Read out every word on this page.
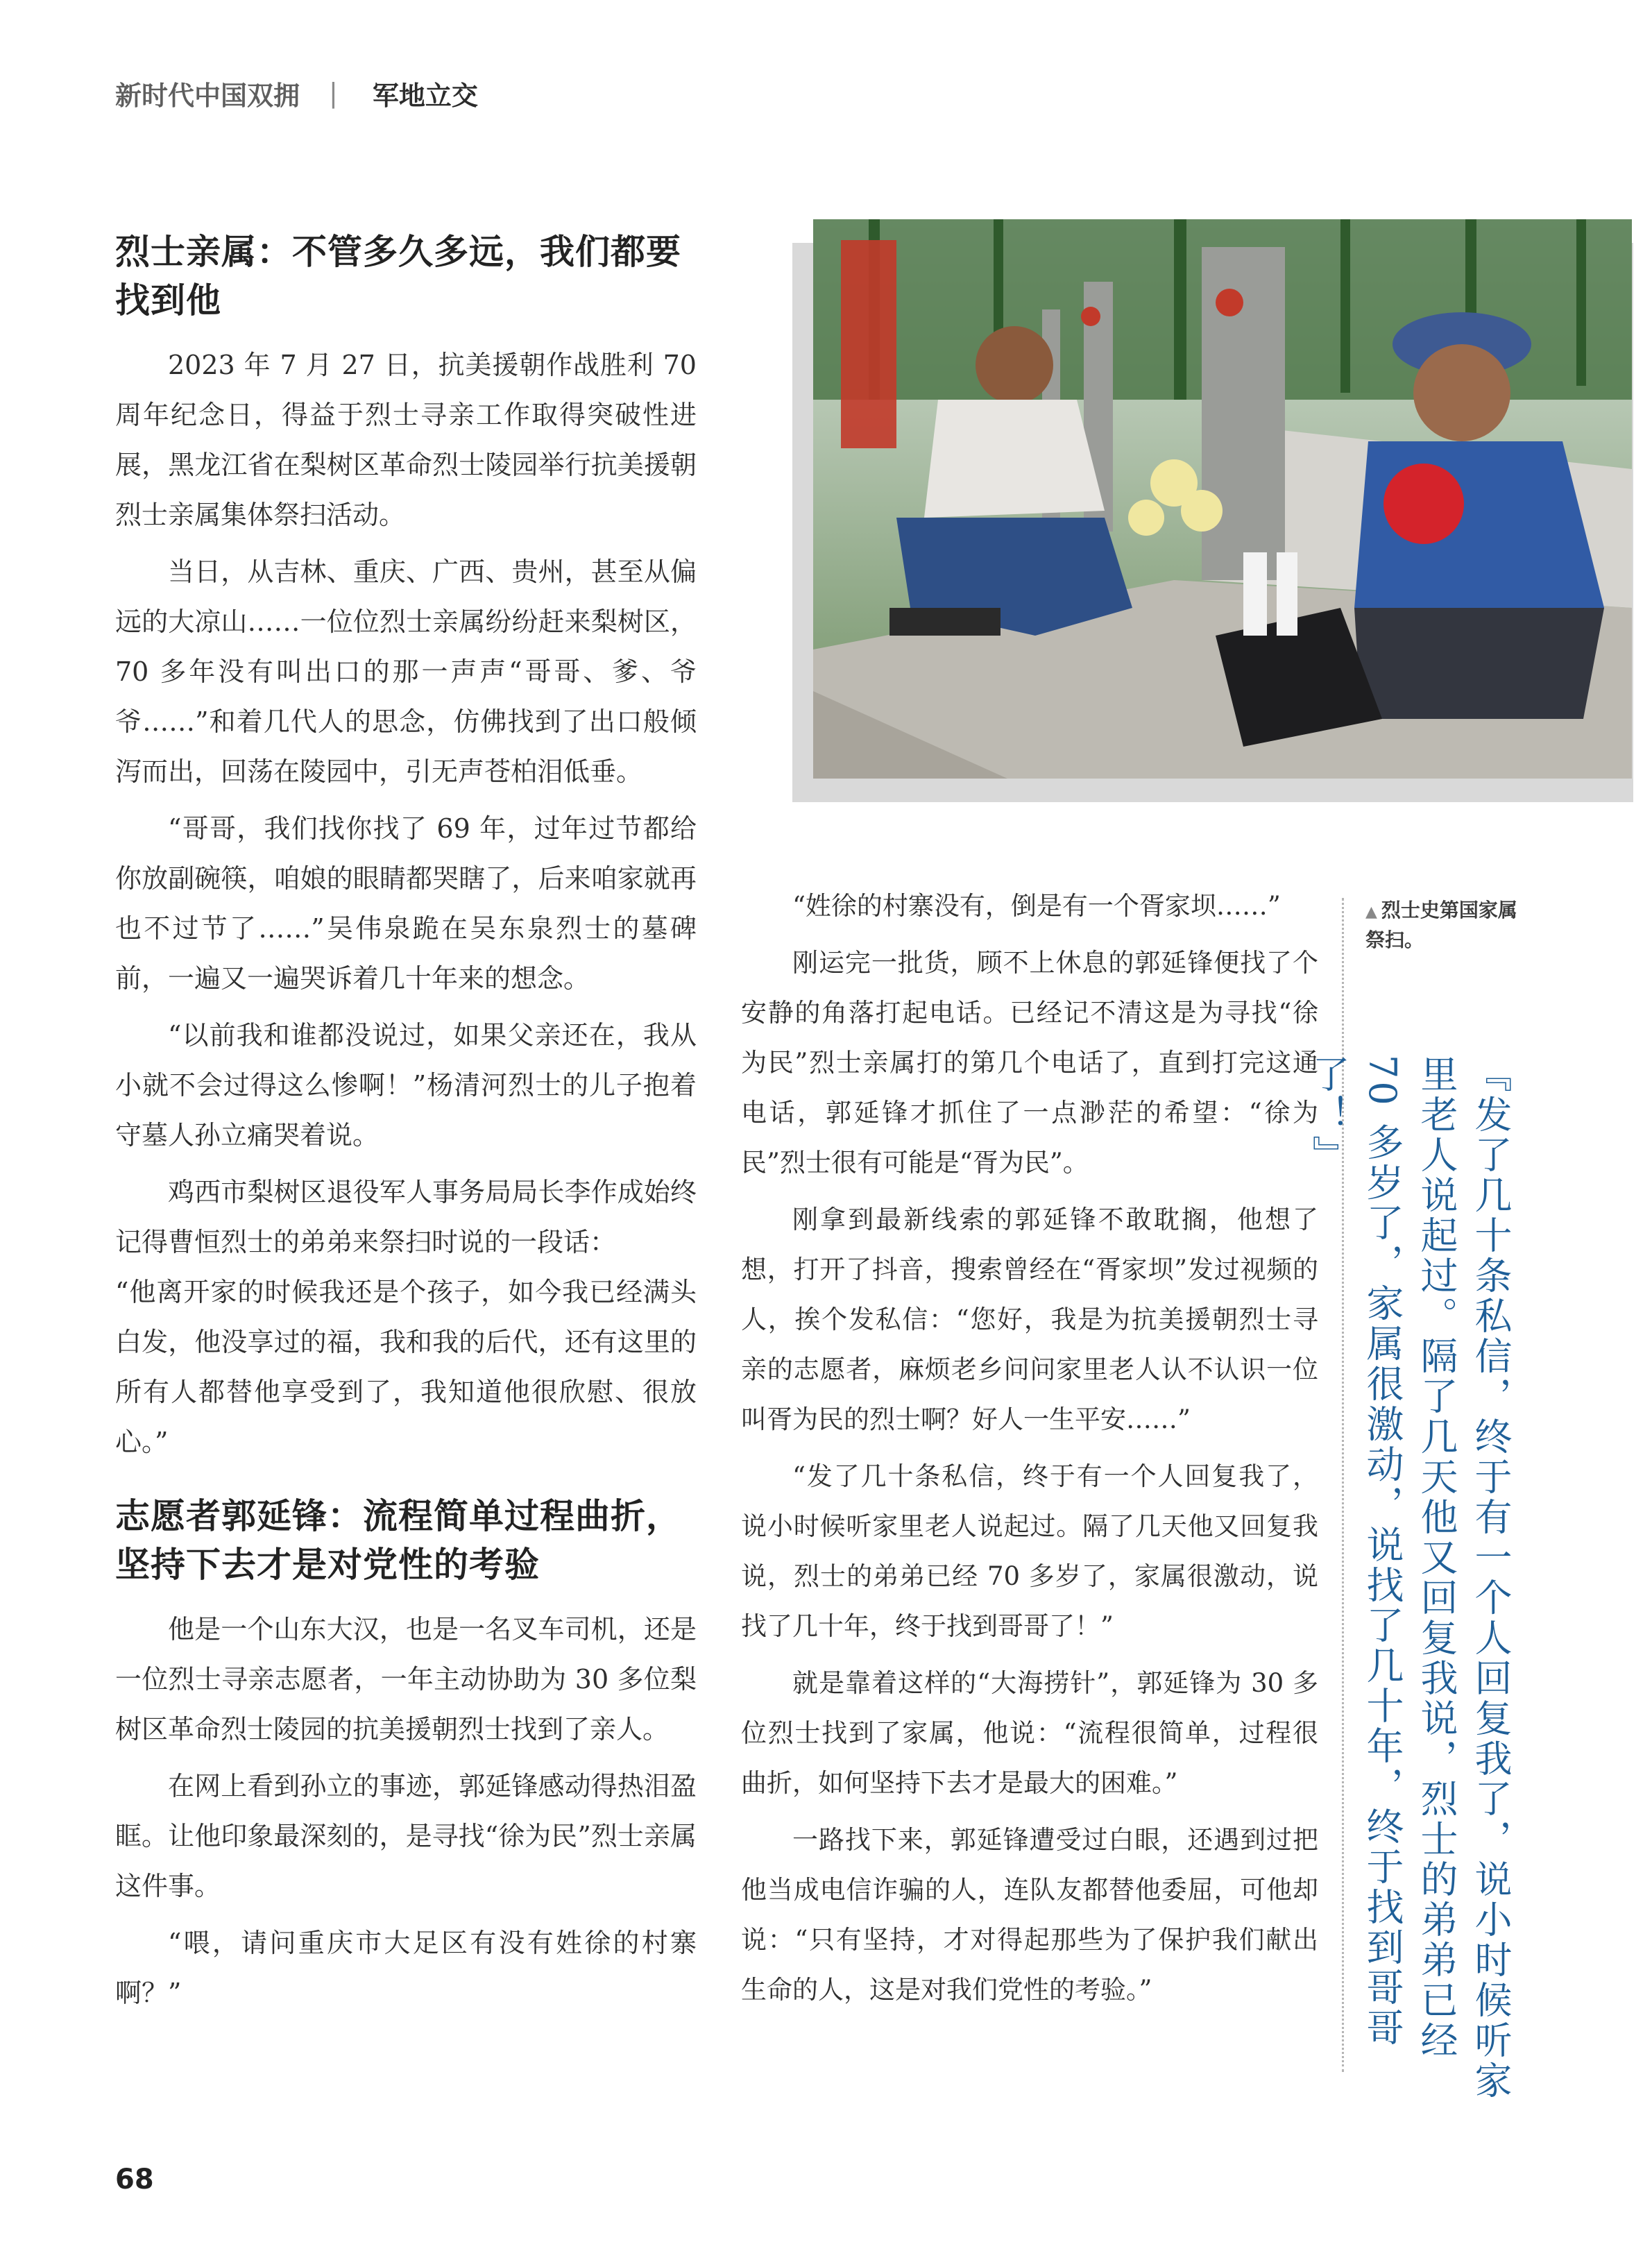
新时代中国双拥 | 军地立交
烈士亲属：不管多久多远，我们都要找到他

2023 年 7 月 27 日，抗美援朝作战胜利 70 周年纪念日，得益于烈士寻亲工作取得突破性进展，黑龙江省在梨树区革命烈士陵园举行抗美援朝烈士亲属集体祭扫活动。

当日，从吉林、重庆、广西、贵州，甚至从偏远的大凉山……一位位烈士亲属纷纷赶来梨树区，70 多年没有叫出口的那一声声“哥哥、爹、爷爷……”和着几代人的思念，仿佛找到了出口般倾泻而出，回荡在陵园中，引无声苍柏泪低垂。

“哥哥，我们找你找了 69 年，过年过节都给你放副碗筷，咱娘的眼睛都哭瞎了，后来咱家就再也不过节了……”吴伟泉跪在吴东泉烈士的墓碑前，一遍又一遍哭诉着几十年来的想念。

“以前我和谁都没说过，如果父亲还在，我从小就不会过得这么惨啊！”杨清河烈士的儿子抱着守墓人孙立痛哭着说。

鸡西市梨树区退役军人事务局局长李作成始终记得曹恒烈士的弟弟来祭扫时说的一段话：

“他离开家的时候我还是个孩子，如今我已经满头白发，他没享过的福，我和我的后代，还有这里的所有人都替他享受到了，我知道他很欣慰、很放心。”

志愿者郭延锋：流程简单过程曲折，坚持下去才是对党性的考验

他是一个山东大汉，也是一名叉车司机，还是一位烈士寻亲志愿者，一年主动协助为 30 多位梨树区革命烈士陵园的抗美援朝烈士找到了亲人。

在网上看到孙立的事迹，郭延锋感动得热泪盈眶。让他印象最深刻的，是寻找“徐为民”烈士亲属这件事。

“喂，请问重庆市大足区有没有姓徐的村寨啊？”

▲ 烈士史第国家属祭扫。

“姓徐的村寨没有，倒是有一个胥家坝……”

刚运完一批货，顾不上休息的郭延锋便找了个安静的角落打起电话。已经记不清这是为寻找“徐为民”烈士亲属打的第几个电话了，直到打完这通电话，郭延锋才抓住了一点渺茫的希望：“徐为民”烈士很有可能是“胥为民”。

刚拿到最新线索的郭延锋不敢耽搁，他想了想，打开了抖音，搜索曾经在“胥家坝”发过视频的人，挨个发私信：“您好，我是为抗美援朝烈士寻亲的志愿者，麻烦老乡问问家里老人认不认识一位叫胥为民的烈士啊？好人一生平安……”

“发了几十条私信，终于有一个人回复我了，说小时候听家里老人说起过。隔了几天他又回复我说，烈士的弟弟已经 70 多岁了，家属很激动，说找了几十年，终于找到哥哥了！”

就是靠着这样的“大海捞针”，郭延锋为 30 多位烈士找到了家属，他说：“流程很简单，过程很曲折，如何坚持下去才是最大的困难。”

一路找下来，郭延锋遭受过白眼，还遇到过把他当成电信诈骗的人，连队友都替他委屈，可他却说：“只有坚持，才对得起那些为了保护我们献出生命的人，这是对我们党性的考验。”	『发了几十条私信，终于有一个人回复我了，说小时候听家里老人说起过。隔了几天他又回复我说，烈士的弟弟已经 70 多岁了，家属很激动，说找了几十年，终于找到哥哥了！』
68
